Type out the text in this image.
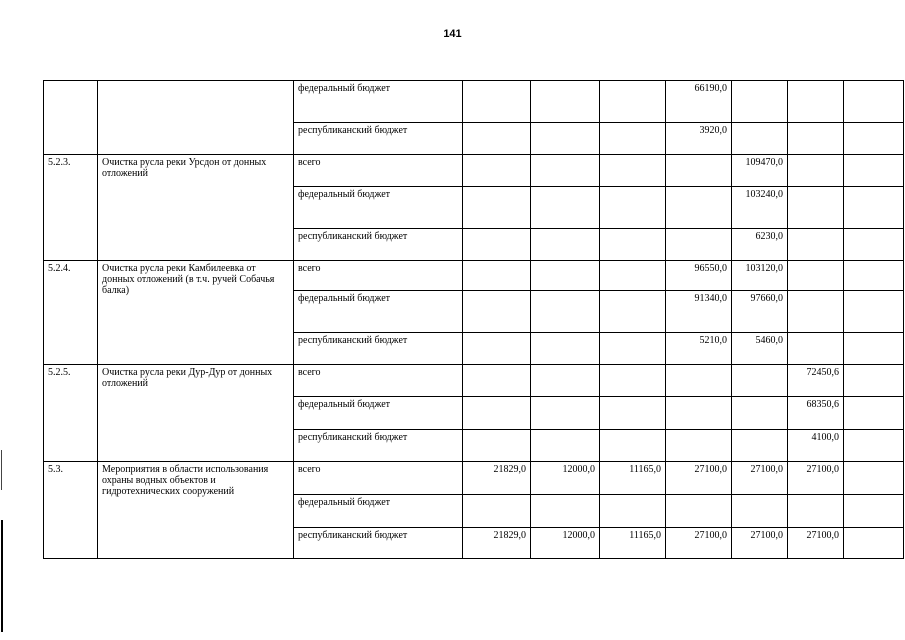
141
		федеральный бюджет				66190,0			
		республиканский бюджет				3920,0			
5.2.3.	Очистка русла реки Урсдон от донных отложений	всего					109470,0		
		федеральный бюджет					103240,0		
		республиканский бюджет					6230,0		
5.2.4.	Очистка русла реки Камбилеевка от донных отложений (в т.ч. ручей Собачья балка)	всего				96550,0	103120,0		
		федеральный бюджет				91340,0	97660,0		
		республиканский бюджет				5210,0	5460,0		
5.2.5.	Очистка русла реки Дур-Дур от донных отложений	всего						72450,6	
		федеральный бюджет						68350,6	
		республиканский бюджет						4100,0	
5.3.	Мероприятия в области использования охраны водных объектов и гидротехнических сооружений	всего	21829,0	12000,0	11165,0	27100,0	27100,0	27100,0	
		федеральный бюджет							
		республиканский бюджет	21829,0	12000,0	11165,0	27100,0	27100,0	27100,0	
